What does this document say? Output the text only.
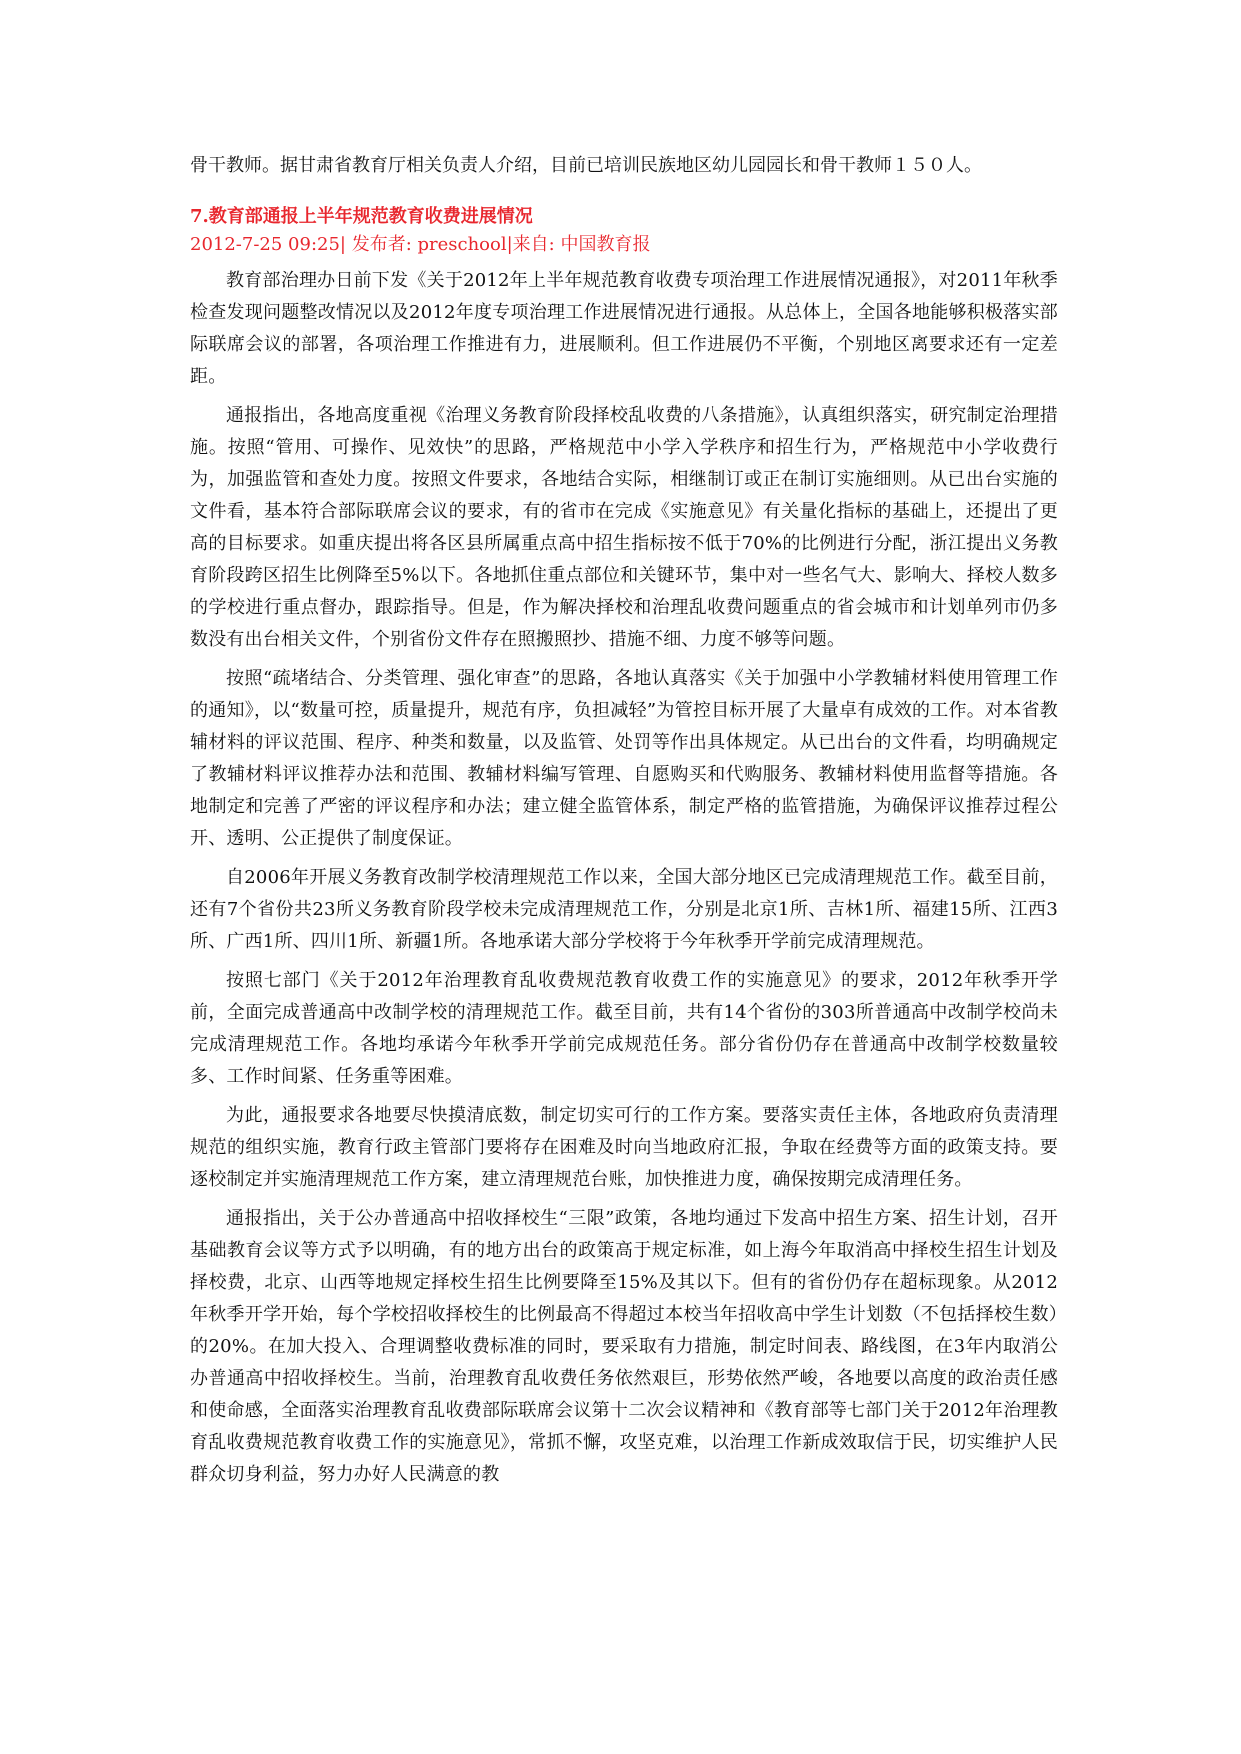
骨干教师。据甘肃省教育厅相关负责人介绍，目前已培训民族地区幼儿园园长和骨干教师１５０人。

7.教育部通报上半年规范教育收费进展情况
2012-7-25 09:25| 发布者: preschool|来自: 中国教育报

教育部治理办日前下发《关于2012年上半年规范教育收费专项治理工作进展情况通报》，对2011年秋季检查发现问题整改情况以及2012年度专项治理工作进展情况进行通报。从总体上，全国各地能够积极落实部际联席会议的部署，各项治理工作推进有力，进展顺利。但工作进展仍不平衡，个别地区离要求还有一定差距。

通报指出，各地高度重视《治理义务教育阶段择校乱收费的八条措施》，认真组织落实，研究制定治理措施。按照“管用、可操作、见效快”的思路，严格规范中小学入学秩序和招生行为，严格规范中小学收费行为，加强监管和查处力度。按照文件要求，各地结合实际，相继制订或正在制订实施细则。从已出台实施的文件看，基本符合部际联席会议的要求，有的省市在完成《实施意见》有关量化指标的基础上，还提出了更高的目标要求。如重庆提出将各区县所属重点高中招生指标按不低于70%的比例进行分配，浙江提出义务教育阶段跨区招生比例降至5%以下。各地抓住重点部位和关键环节，集中对一些名气大、影响大、择校人数多的学校进行重点督办，跟踪指导。但是，作为解决择校和治理乱收费问题重点的省会城市和计划单列市仍多数没有出台相关文件，个别省份文件存在照搬照抄、措施不细、力度不够等问题。

按照“疏堵结合、分类管理、强化审查”的思路，各地认真落实《关于加强中小学教辅材料使用管理工作的通知》，以“数量可控，质量提升，规范有序，负担减轻”为管控目标开展了大量卓有成效的工作。对本省教辅材料的评议范围、程序、种类和数量，以及监管、处罚等作出具体规定。从已出台的文件看，均明确规定了教辅材料评议推荐办法和范围、教辅材料编写管理、自愿购买和代购服务、教辅材料使用监督等措施。各地制定和完善了严密的评议程序和办法；建立健全监管体系，制定严格的监管措施，为确保评议推荐过程公开、透明、公正提供了制度保证。

自2006年开展义务教育改制学校清理规范工作以来，全国大部分地区已完成清理规范工作。截至目前，还有7个省份共23所义务教育阶段学校未完成清理规范工作，分别是北京1所、吉林1所、福建15所、江西3所、广西1所、四川1所、新疆1所。各地承诺大部分学校将于今年秋季开学前完成清理规范。

按照七部门《关于2012年治理教育乱收费规范教育收费工作的实施意见》的要求，2012年秋季开学前，全面完成普通高中改制学校的清理规范工作。截至目前，共有14个省份的303所普通高中改制学校尚未完成清理规范工作。各地均承诺今年秋季开学前完成规范任务。部分省份仍存在普通高中改制学校数量较多、工作时间紧、任务重等困难。

为此，通报要求各地要尽快摸清底数，制定切实可行的工作方案。要落实责任主体，各地政府负责清理规范的组织实施，教育行政主管部门要将存在困难及时向当地政府汇报，争取在经费等方面的政策支持。要逐校制定并实施清理规范工作方案，建立清理规范台账，加快推进力度，确保按期完成清理任务。

通报指出，关于公办普通高中招收择校生“三限”政策，各地均通过下发高中招生方案、招生计划，召开基础教育会议等方式予以明确，有的地方出台的政策高于规定标准，如上海今年取消高中择校生招生计划及择校费，北京、山西等地规定择校生招生比例要降至15%及其以下。但有的省份仍存在超标现象。从2012年秋季开学开始，每个学校招收择校生的比例最高不得超过本校当年招收高中学生计划数（不包括择校生数）的20%。在加大投入、合理调整收费标准的同时，要采取有力措施，制定时间表、路线图，在3年内取消公办普通高中招收择校生。当前，治理教育乱收费任务依然艰巨，形势依然严峻，各地要以高度的政治责任感和使命感，全面落实治理教育乱收费部际联席会议第十二次会议精神和《教育部等七部门关于2012年治理教育乱收费规范教育收费工作的实施意见》，常抓不懈，攻坚克难，以治理工作新成效取信于民，切实维护人民群众切身利益，努力办好人民满意的教
